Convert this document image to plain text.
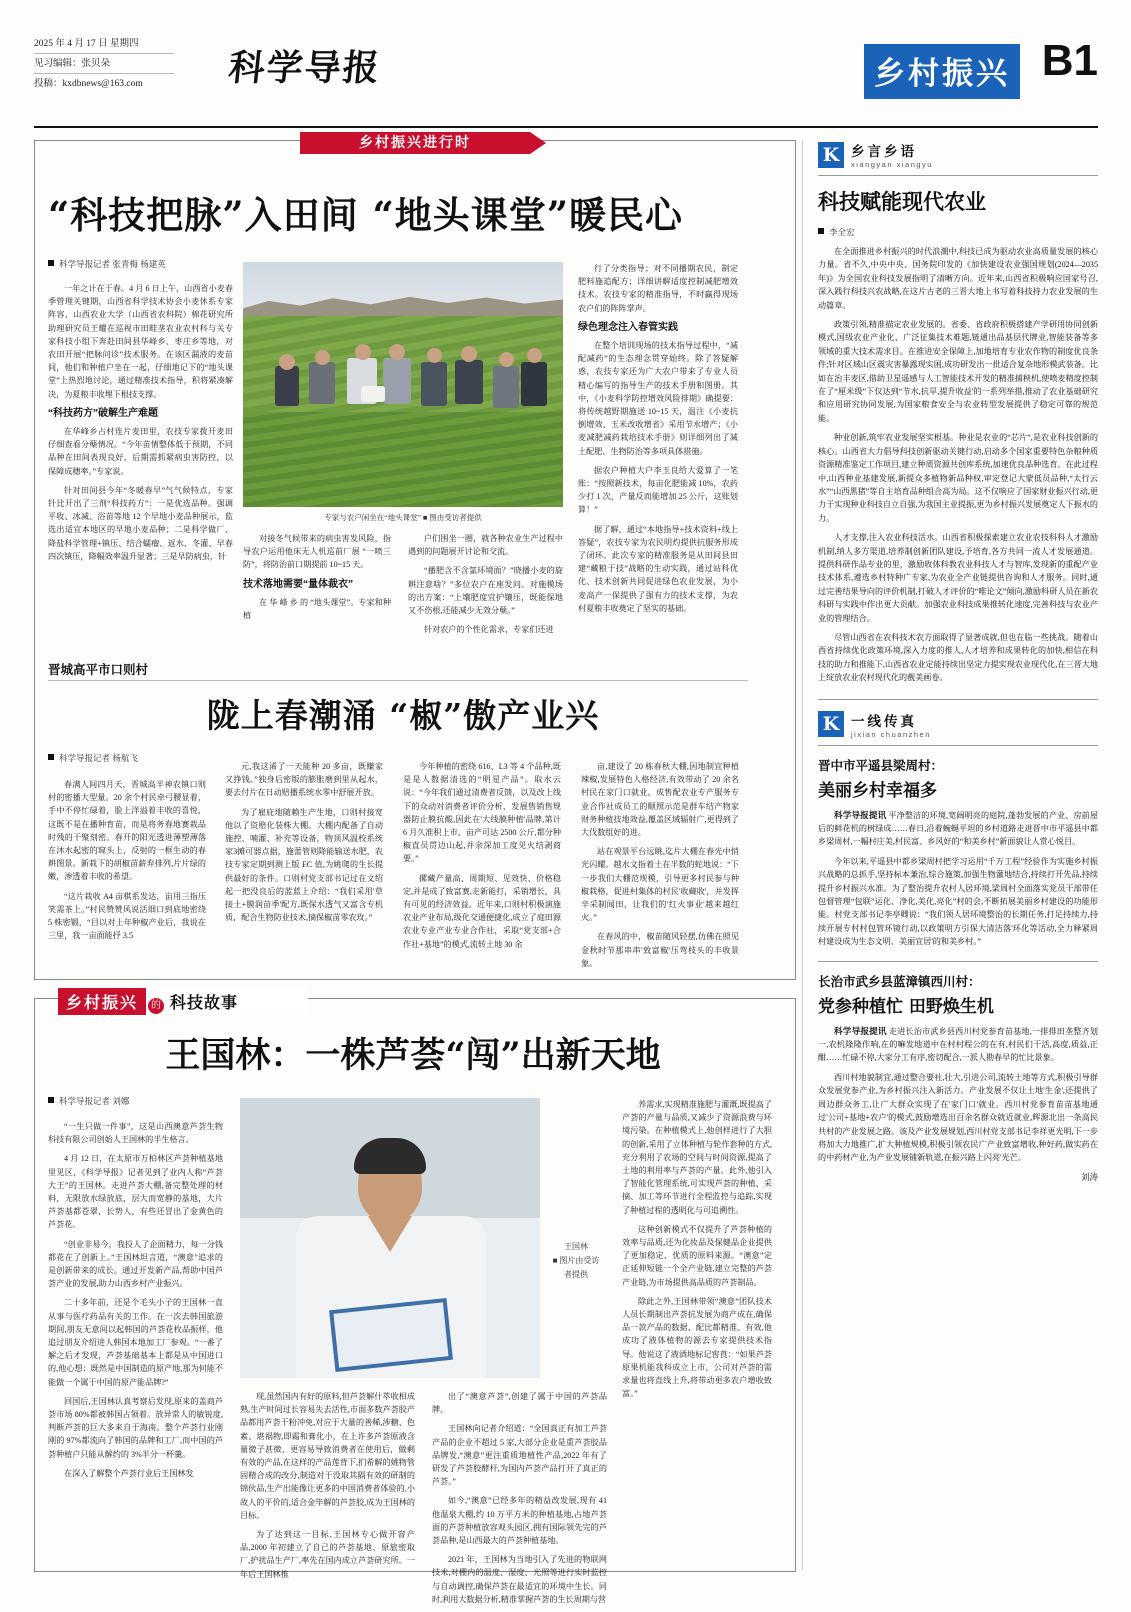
2025 年 4 月 17 日 星期四
见习编辑：张贝朵
投稿：kxdbnews@163.com	科学导报	乡村振兴 B1
乡村振兴进行时
“科技把脉”入田间 “地头课堂”暖民心
科学导报记者 张青梅 杨建英

一年之计在于春。4 月 6 日上午，山西省小麦春季管理关键期，山西省科学技术协会小麦休系专家阵容，山西农业大学（山西省农科院）棉花研究所助理研究员王耀在巡视市田畦垄农业农村科与关专家科技小组下奔赴田间县华峰乡、枣庄乡等地，对农田开展“把脉问诊”技术服务。在该区漏液的麦苗间，他们和种植户坐在一起，仔细地记下的“地头课堂”上热烈地讨论，通过精准技术指导，积将紧凑解决，为夏粮丰收埋下根技支撑。

“科技药方”破解生产难题

在华峰乡占村连片麦田里，农技专家拨开麦田仔细查看分蘖情况。“今年苗情整体低于预期，不同品种在田间表现良好，后期需抓紧病虫害防控，以保障成穗率。”专家说。

针对田间县今年“冬暖春早”气气候特点，专家针比开出了三剂“科技药方”：一是优选品种。强调平收、冰减、浴苗等地 12 个早地小麦品种展示，监选出适宜本地区的早地小麦品种；二是科学做厂、降盐科学管理+镇压、结合蠕瘤、返水、冬灌、早春四次镇压，降幅效率温升显著；三是早防病虫，针

专家与农户闲坐在“地头课堂” ■ 图由受访者提供

对接冬气候带来的病虫害发风险，指导农户运用他床无人机巡前厂展 “一喷三防”，将防治前口期提前 10~15 天。

技术落地需要“量体裁衣”

在 华 峰 乡 的 “地头课堂”。专家和种植

户们围坐一圈，就各种农业生产过程中遇到的问题展开讨论和交流。

“播肥含不含氯环境面？”晓播小麦的旋耕注意啥？”多位农户在座发问。对施模场的出方案：“上壤肥度宜护镶压，既能保地又不伤根,还能减少无效分蘖。”

针对农户的个性化需求，专家们还进

行了分类指导；对不同播期农民，制定肥料施追配方；详细讲解适度控制减肥增效技术。农技专家的精准指导，不时赢得现场农户们的阵阵掌声。

绿色理念注入春管实践

在整个培训现场的技术指导过程中，“减配减药”的生态理念贯穿始终。除了答疑解惑，农技专家还为广大农户带来了专业人员精心编写的指导生产的技术手册和图册。其中，《小麦科学防控增效风险排期》确提要：将传统越野期施送 10~15 天，温注《小麦抗倒增效、玉米改收增省》采用节水增产；《小麦减肥减药栽培技术手册》则详细列出了减土配肥、生物防治等多项具体措施。

据农户种植大户李玉良给大爱算了一笔账：“按照新技术，每亩化肥能减 10%，农药少打 1 次，产量反而能增加 25 公斤，这账划算！”

据了解，通过“本地指导+技术资料+线上答疑”，农技专家为农民明灼提供抗服务形成了闭环。此次专家的精准服务是从田间县田建“藏粮于技”战略的生动实践，通过站科优化、技术创新共同促进绿色农业发展，为小麦高产一保提供了强有力的技术支撑，为农村夏粮丰收奠定了坚实的基础。

晋城高平市口则村
陇上春潮涌 “椒”傲产业兴
科学导报记者 杨航飞

春满人间四月天，晋城高半神农镇口则村的密播大型量。20 余个村民牵弓腰显着，手中不停忙碌着，脸上洋溢着丰收的喜悦，这既不是在播种育苗，而是将务春地赛栽品时残的干聚刻密。春开的阳光透进薄塑薄落在沐水起密的窥头上，反射的一框生动的春耕图景。新栽下的胡椒苗薪弃排列,片片绿的嫩，渗透着丰收的希望。

“这片栽收 A4 亩棋系发达，亩用三指压笑需茶上。”村民赞赞风说活细口到底地密绕 5 株密锻，“目以对上年种椒产业后，我说在三里，我一亩面能抒 3.5

元,我这浠了一天能种 20 多亩，既赚家又挣钱。”独身后密版的膨胀磨到里从起水，要去付片在日动赔播系统水零中舒展开放。

为了雇庇地随赖生产生地，口则村接宽他以了资赔化装株大棚。大棚内配备了自动施控、喃灌、补充等设备，物顶风温校系统家3摊可器点据，施蕾管则降能输送水肥，农技专家定期到测上版 EC 值,为姚爬的生长提供最好的条件。口则村党支部书记过在文绍起一把没良后的蓝蓝上介绍：“我们采用'草接土+膜润苗季'配方,既保水透气又富含专机质，配合生物防业技术,摘保椒苗零农玫。”

今年种植的密绕 616、L3 等 4 个品种,既是是人数据清选的“明星产品”。取水云说：“今年我们通过清费者反馈，以及改上线下的众动对消费者评价分析，发展售销售规器防止膜抗酸,因此在'大线膜种植'品牌,第计 6 月久准积上市，亩产可达 2500 公斤,都分种椒直员贯边山起,并余深加工度见火结剥商要。”

摞藏产量高、周期短、见效快、价格稳定,并是成了致富赛,走新能打，采销增长，具有可见的经济效益。近年来,口则村积极演施农业产业布局,级化交通便捷化,成立了庭田源农业专业产业专业合作社，采取“党支部+合作社+基地”的模式,流转土地 30 余

亩,建设了 20 栋春秋大棚,因地制宜种植辣椒,发展特色人格经济,有效带动了 20 余名村民在家门口就业。成售配农业专产服务专业合作社成员工的顺照示范是群车结产物家财务种植技地效益,覆盖区域辐射广,更得到了大伐数组好的进。

站在观景平台远眺,迄片大棚在春光中悄光闪耀。越水文指着土在半数的蛇地说：“下一步我们大棚范规模，引导更多村民参与种椒栽格，促进村集体的村民'收藏收'，并发挥辛采制闻田，让我们的'红火事业'越来越红火。”

在春风的中，椒苗随风轻摆,仿佛在照见金秋时节那串串'致富椒'压弯枝头的丰收景象。

乡村振兴 的 科技故事
王国林：一株芦荟“闯”出新天地
科学导报记者 刘娜

“一生只做一件事”，这是山西澳意芦荟生物科技有限公司创始人王国林的半生格言。

4 月 12 日，在太原市万柏林区芦荟种植基地里见区，《科学导报》记者见到了业内人称“芦荟大王”的王国林。走进芦荟大棚,备完整处理的材料，无限放水绿放底，层大而宽静的基地，大片芦荟基都苍翠，长势人，有些还冒出了金黄色的芦荟花。

“创业非易今，我投人了企面精力，每一分钱都花在了创新上。”王国林坦言道，“澳意”追求的是创新带来的成长。通过开发新产品,帮助中国芦荟产业的发展,助力山西乡村产业振兴。

二十多年前，还是个毛头小子的王国林一直从事与医疗药品有关的工作。在一次去韩国旅游期间,朋友无意间以起韩国的芦荟花枚品振样，他追过朋友介绍进人韩国本地加工厂参观。“一番了解之后才发现，芦荟基础基本上都是从中国进口的,他心想：既然是中国制造的原产地,那为何能不能做一个属于中国的原产能品牌?”

回国后,王国林认真考察后发现,原来的盖商芦荟市场 80%都被韩国占领着。放异常人的敏锐度,判断芦荟的巨大多来自于海南。整个芦荟行业刚刚的 97%都流向了韩国的品牌和工厂,而中国的芦荟种植户只能从解约的 3%半分一杯羹。

在深入了解整个芦荟行业后王国林发

王国林
■ 图片由受访者提供

现,虽然国内有好的原料,但芦荟解什萃收相成熟,生产时间过长容易失去活性,市面多数芦荟胶产品都用芦荟干粉冲免,对应于大量的善稀,涉糖、色素、堪祸物,即霜和膏化小，在上许多芦荟原液含量微子甚微，更容易导致消费者在使用后，做剩有效的产品,在这样的产品莲背下,扪希解的姚物管固精合成的改分,制造对于没取其隔有效的研制的锦伙品,生产出能像让更多的中国消费者体验的,小故人的平价的,适合金毕解的芦荟胶,成为王国林的目标。

为了达到这一目标,王国林专心做开窨产品,2000 年初建立了自己的芦荟基地、原旅密取厂,护扰品生产厂,率先在国内成立芦荟研究所。一年后王国林推

出了“澳意芦荟”,创建了属于中国的芦荟品牌。

王国林向记者介绍道：“全国真正有加工芦荟产品的企业不超过 5 家,大部分企业是重芦荟胶品品牌发,“澳意”更注重质地植性产品,2022 年有了研发了芦荟胶酵杆,为国内芦荟产品打开了真正的芦荟。”

如今,“澳意”已经多年的精益改发展,现有 41 他温泉大棚,约 10 万平方米的种植基地,占地芦荟面的芦荟种植放容观头园区,拥有国际领先完的芦荟品种,是山西最大的芦荟种植基地。

2021 年，王国林为当地引入了先进的物联网技术,对棚内的温度、湿度、光照等进行实时监控与自动调控,确保芦荟在最适宜的环境中生长。同时,利用大数据分析,精准掌握芦荟的生长周期与营

养需求,实现精准施肥与灌溉,既提高了产荟的产量与品质,又减少了资源浪费与环境污染。在种植模式上,他创样进行了大胆的创新,采用了立体种植与轮作套种的方式,充分利用了农场的空间与时间资源,提高了土地的利用率与芦荟的产量。此外,他引入了智能化管理系统,可实现芦荟的种植、采摘、加工等环节进行全程监控与追踪,实现了种植过程的透明化与可追溯性。

这种创新模式不仅提升了芦荟种植的效率与品质,还为化妆品及保健品企业提供了更加稳定、优质的原料来源。“澳意”定正延伸短链一个全产业链,建立完整的芦荟产业链,为市场提供高品质的芦荟制品。

除此之外,王国林带领“澳意”团队技术人员长期制出芦荟抗发展为商产成在,确保品一款产品的数据、配比都精准、有效,他成功了液体植物的源去专家提供技术指导。他说这了液酒地标记窖莨：“如果芦荟原果机能我科成立上市，公司对芦荟的需求量也将直线上升,将带动更多农户增收致富。”

K 乡言乡语
xiangyan xiangyu
科技赋能现代农业
李全宏

在全面推进乡村振兴的时代浪潮中,科技已成为驱动农业高质量发展的核心力量。省不久,中央中央、国务院印发的《加快建设农业强国规划(2024—2035 年)》为全国农业科技发展指明了清晰方向。近年来,山西省积极响应国家号召,深入践行科技兴农战略,在这片古老的三晋大地上书写着科技持力农业发展的生动篇章。

政策引领,精准描定农业发展的。省委、省政府积极搭建产学研用协同创新模式,国级农业产业化、广泛征集技术难题,链通出品基层代牌业,智能装备等多领域的重大技术需求目。在推进安全保障上,加地培育专业农作物的制度优良条件;针对区域山区震灾害暴露现实困,成功研发出一批适合复杂地形模武装备。比如在治丰麦区,借助卫星遥感与人工智能技术开发的精准捕秧机,使喷麦精度控制在了“厘米级”下仅达到“节水,抗旱,提升收益'的一系列举措,推动了农业基础研究和应用研究协同发展,为国家粮食安全与农业转型发展提供了稳定可靠的规范能。

种业创新,筑牢农业发展坚实根基。种业是农业的“芯片”,是农业科技创新的核心。山西省大力倡导科技创新驱动关键行动,启动多个国家重要特色杂粮种质资源精准鉴定工作项目,建立种质资源共创库系统,加速优良品种选育。在此过程中,山西种业基建发展,新提众多植物新品种权,审定登记大蒙低员品种,“太行云水”“山西黑猪”等自主培育品种组合高为局。这不仅响应了国家财业振兴行动,更力于实现种业科技自立自强,为我国主业提振,更为乡村振兴发展奠定人下振水的力。

人才支撑,注入农业科技活水。山西省积极探索建立农业农技科科人才激励机制,纳人多方渠道,培养制创新团队建设,予培育,各方共同一流人才发展通道。提供科研作品专业的里，激励收体科教农业科技人才与智库,发现新的重配产业技术体系,遵选乡村特种广专家,为农业全产业链提供咨询和人才服务。同时,通过完善结果导向的评价机制,打破人才评价的“唯论文”倾向,激励科研人员在新农科研与实践中作出更大贡献。加强农业科技成果推转化速度,完善科技与农业产业的管理结合。

尽管山西省在农科技术农方面取得了显著成就,但也在临一些挑战。随着山西省持续优化政策环境,深入力度的推人,人才培养和成果转化的加快,相信在科技的助力和推能下,山西省农业定能持续出坚定力提实现农业现代化,在三晋大地上绽放农业农村现代化的靓美画卷。

K 一线传真
jixian chuanzhen
晋中市平遥县梁周村：
美丽乡村幸福多

科学导报提讯 平净整洁的环境,宽阔明亮的庭院,蓬勃发展的产业、房前屋后的鲜花机的树绿成……春日,沿着蜿蜒平坦的乡村道路走进晋中市平遥县中都乡梁周村,一幅村庄美,村民富、乡风好的“和美乡村”新面貌让人赏心悦目。

今年以来,平遥县中都乡梁周村把学习运用“千万工程”经验作为实施乡村振兴战略的总抓手,坚持标本兼治,综合施策,加强生物灌地结合,持续打开先品,持续提升乡村振兴水准。为了整治提升农村人居环境,梁周村全面落实党员干部带任包督管理“包联”运化、净化,美化,亮化”村的会,不断拓展美丽乡村建设的功能形能。村党支部书记李亭卿说：“我们领人居环境整治的长期任务,打足持续力,持续开展专村村包管环镜行动,以政策明方引保大清洁落'环化等活动,全力释紧周村建设成为生态文明、美丽宜居'的和美乡村。”

长治市武乡县蓝漳镇西川村：
党参种植忙 田野焕生机

科学导报提讯 走进长治市武乡县西川村党参育苗基地,一排排田垄整齐划一,农机隆隆作响,在的嘛发地道中在村村程公的在有,村民们干活,高度,质益,正酣……忙碌不停,大家分工有序,密切配合,一派人勘春早的忙比景象。

西川村地貌制宜,通过整合要社,壮大,引进公司,流转土地等方式,积极引导群众发展党参产业,为乡村振兴注入新活力。产业发展不仅让土地'生金',还提供了周边群众务工,让广大群众实现了在'家门口'就业。西川村党参育苗苗基地通过'公司+基地+农户'的模式,鼓励增选出百余名群众就近就业,辉源北出一条高民共村的产业发展之路。该及产业发展规划,西川村党支部书记李祥更光明,下一步将加大力地推广,扩大种植规模,积极引领农民广产业致富增收,种好药,做实药在的中药材产业,为产业发展铺新轨道,在振兴路上闪亮'光芒。

刘涛
